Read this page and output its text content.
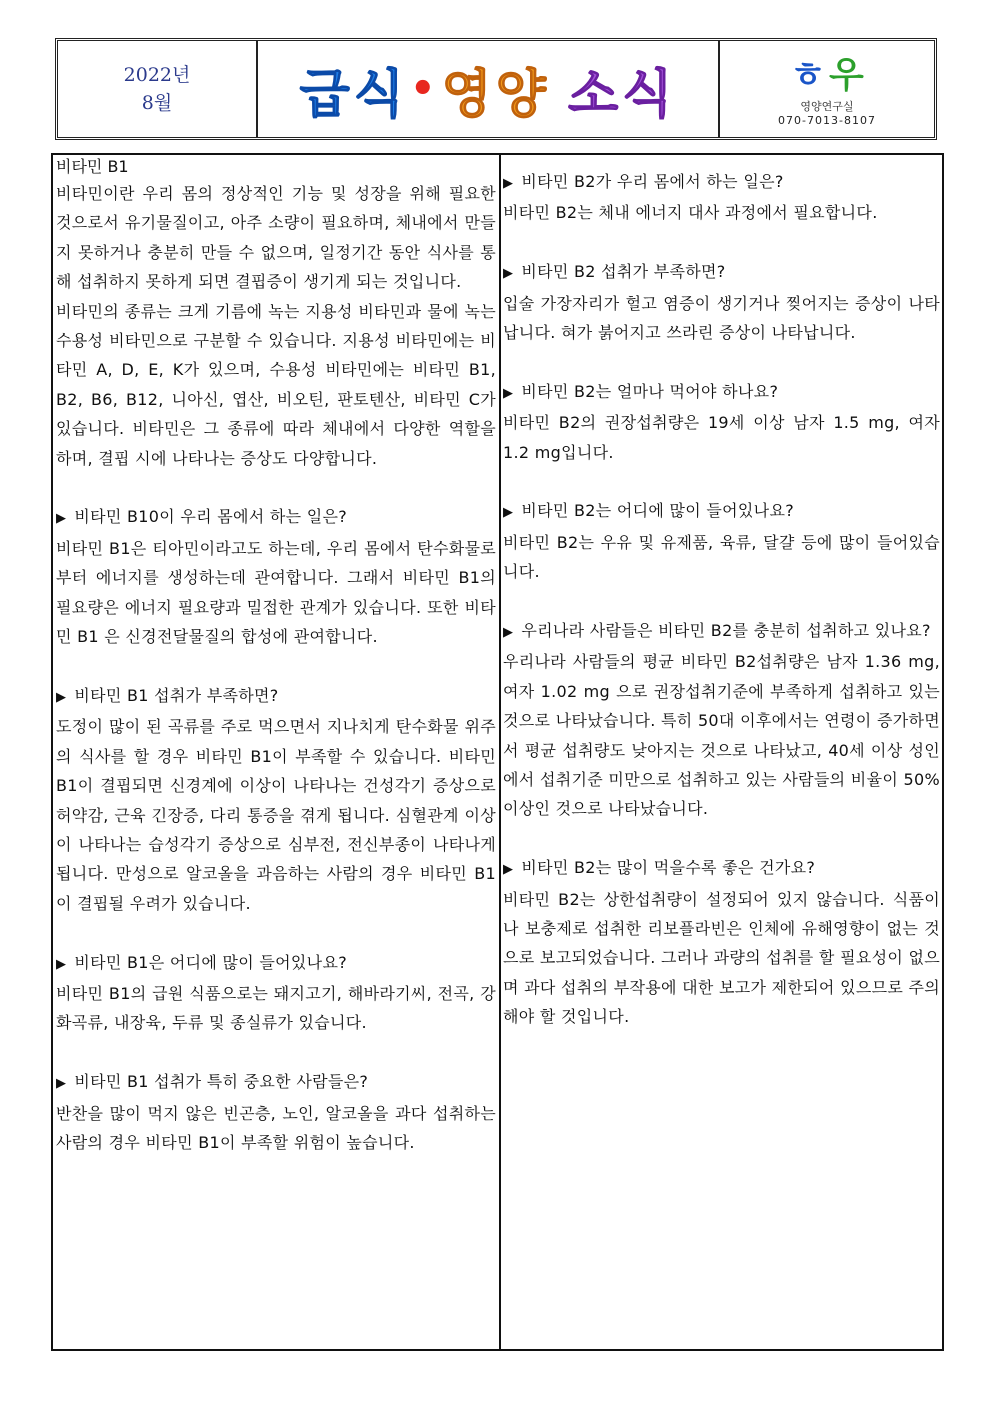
2022년
8월 급식 • 영양 소식	ㅎ 우
영양연구실
070-7013-8107

비타민 B1

비타민이란 우리 몸의 정상적인 기능 및 성장을 위해 필요한 것으로서 유기물질이고, 아주 소량이 필요하며, 체내에서 만들지 못하거나 충분히 만들 수 없으며, 일정기간 동안 식사를 통해 섭취하지 못하게 되면 결핍증이 생기게 되는 것입니다.

비타민의 종류는 크게 기름에 녹는 지용성 비타민과 물에 녹는 수용성 비타민으로 구분할 수 있습니다. 지용성 비타민에는 비타민 A, D, E, K가 있으며, 수용성 비타민에는 비타민 B1, B2, B6, B12, 니아신, 엽산, 비오틴, 판토텐산, 비타민 C가 있습니다. 비타민은 그 종류에 따라 체내에서 다양한 역할을 하며, 결핍 시에 나타나는 증상도 다양합니다.

▶ 비타민 B10이 우리 몸에서 하는 일은?

비타민 B1은 티아민이라고도 하는데, 우리 몸에서 탄수화물로부터 에너지를 생성하는데 관여합니다. 그래서 비타민 B1의 필요량은 에너지 필요량과 밀접한 관계가 있습니다. 또한 비타민 B1 은 신경전달물질의 합성에 관여합니다.

▶ 비타민 B1 섭취가 부족하면?

도정이 많이 된 곡류를 주로 먹으면서 지나치게 탄수화물 위주의 식사를 할 경우 비타민 B1이 부족할 수 있습니다. 비타민 B1이 결핍되면 신경계에 이상이 나타나는 건성각기 증상으로 허약감, 근육 긴장증, 다리 통증을 겪게 됩니다. 심혈관계 이상이 나타나는 습성각기 증상으로 심부전, 전신부종이 나타나게 됩니다. 만성으로 알코올을 과음하는 사람의 경우 비타민 B1이 결핍될 우려가 있습니다.

▶ 비타민 B1은 어디에 많이 들어있나요?

비타민 B1의 급원 식품으로는 돼지고기, 해바라기씨, 전곡, 강화곡류, 내장육, 두류 및 종실류가 있습니다.

▶ 비타민 B1 섭취가 특히 중요한 사람들은?

반찬을 많이 먹지 않은 빈곤층, 노인, 알코올을 과다 섭취하는 사람의 경우 비타민 B1이 부족할 위험이 높습니다.

▶ 비타민 B2가 우리 몸에서 하는 일은?

비타민 B2는 체내 에너지 대사 과정에서 필요합니다.

▶ 비타민 B2 섭취가 부족하면?

입술 가장자리가 헐고 염증이 생기거나 찢어지는 증상이 나타납니다. 혀가 붉어지고 쓰라린 증상이 나타납니다.

▶ 비타민 B2는 얼마나 먹어야 하나요?

비타민 B2의 권장섭취량은 19세 이상 남자 1.5 mg, 여자 1.2 mg입니다.

▶ 비타민 B2는 어디에 많이 들어있나요?

비타민 B2는 우유 및 유제품, 육류, 달걀 등에 많이 들어있습니다.

▶ 우리나라 사람들은 비타민 B2를 충분히 섭취하고 있나요?

우리나라 사람들의 평균 비타민 B2섭취량은 남자 1.36 mg, 여자 1.02 mg 으로 권장섭취기준에 부족하게 섭취하고 있는 것으로 나타났습니다. 특히 50대 이후에서는 연령이 증가하면서 평균 섭취량도 낮아지는 것으로 나타났고, 40세 이상 성인에서 섭취기준 미만으로 섭취하고 있는 사람들의 비율이 50% 이상인 것으로 나타났습니다.

▶ 비타민 B2는 많이 먹을수록 좋은 건가요?

비타민 B2는 상한섭취량이 설정되어 있지 않습니다. 식품이나 보충제로 섭취한 리보플라빈은 인체에 유해영향이 없는 것으로 보고되었습니다. 그러나 과량의 섭취를 할 필요성이 없으며 과다 섭취의 부작용에 대한 보고가 제한되어 있으므로 주의해야 할 것입니다.
